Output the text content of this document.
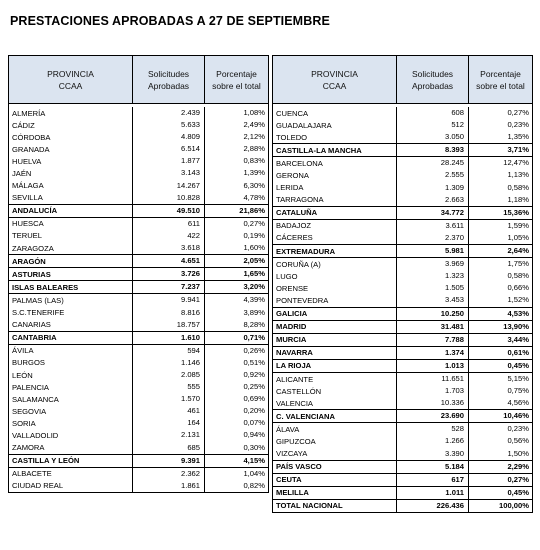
PRESTACIONES APROBADAS A 27 DE SEPTIEMBRE
PROVINCIA
CCAA
Solicitudes
Aprobadas
Porcentaje
sobre el total
ALMERÍA	2.439	1,08%
CÁDIZ	5.633	2,49%
CÓRDOBA	4.809	2,12%
GRANADA	6.514	2,88%
HUELVA	1.877	0,83%
JAÉN	3.143	1,39%
MÁLAGA	14.267	6,30%
SEVILLA	10.828	4,78%
ANDALUCÍA	49.510	21,86%
HUESCA	611	0,27%
TERUEL	422	0,19%
ZARAGOZA	3.618	1,60%
ARAGÓN	4.651	2,05%
ASTURIAS	3.726	1,65%
ISLAS BALEARES	7.237	3,20%
PALMAS (LAS)	9.941	4,39%
S.C.TENERIFE	8.816	3,89%
CANARIAS	18.757	8,28%
CANTABRIA	1.610	0,71%
ÁVILA	594	0,26%
BURGOS	1.146	0,51%
LEÓN	2.085	0,92%
PALENCIA	555	0,25%
SALAMANCA	1.570	0,69%
SEGOVIA	461	0,20%
SORIA	164	0,07%
VALLADOLID	2.131	0,94%
ZAMORA	685	0,30%
CASTILLA Y LEÓN	9.391	4,15%
ALBACETE	2.362	1,04%
CIUDAD REAL	1.861	0,82%
PROVINCIA
CCAA
Solicitudes
Aprobadas
Porcentaje
sobre el total
CUENCA	608	0,27%
GUADALAJARA	512	0,23%
TOLEDO	3.050	1,35%
CASTILLA-LA MANCHA	8.393	3,71%
BARCELONA	28.245	12,47%
GERONA	2.555	1,13%
LERIDA	1.309	0,58%
TARRAGONA	2.663	1,18%
CATALUÑA	34.772	15,36%
BADAJOZ	3.611	1,59%
CÁCERES	2.370	1,05%
EXTREMADURA	5.981	2,64%
CORUÑA (A)	3.969	1,75%
LUGO	1.323	0,58%
ORENSE	1.505	0,66%
PONTEVEDRA	3.453	1,52%
GALICIA	10.250	4,53%
MADRID	31.481	13,90%
MURCIA	7.788	3,44%
NAVARRA	1.374	0,61%
LA RIOJA	1.013	0,45%
ALICANTE	11.651	5,15%
CASTELLÓN	1.703	0,75%
VALENCIA	10.336	4,56%
C. VALENCIANA	23.690	10,46%
ÁLAVA	528	0,23%
GIPUZCOA	1.266	0,56%
VIZCAYA	3.390	1,50%
PAÍS VASCO	5.184	2,29%
CEUTA	617	0,27%
MELILLA	1.011	0,45%
TOTAL NACIONAL	226.436	100,00%
